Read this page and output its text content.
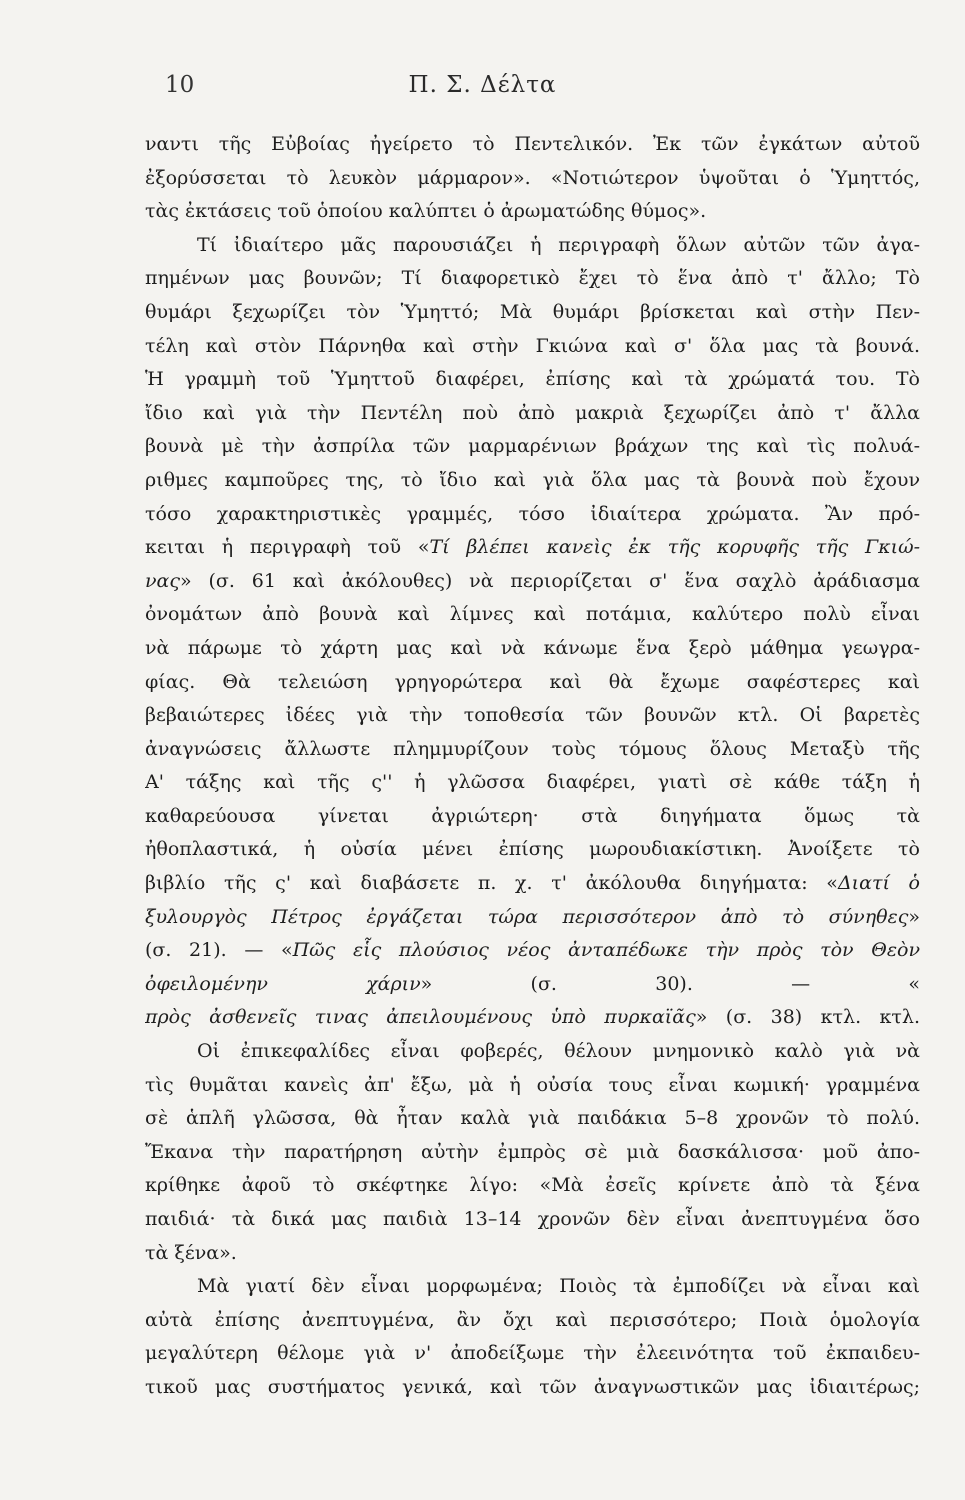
10	Π. Σ. Δέλτα
ναντι τῆς Εὐβοίας ἠγείρετο τὸ Πεντελικόν. Ἐκ τῶν ἐγκάτων αὐτοῦ
ἐξορύσσεται τὸ λευκὸν μάρμαρον». «Νοτιώτερον ὑψοῦται ὁ Ὑμηττός,
τὰς ἐκτάσεις τοῦ ὁποίου καλύπτει ὁ ἀρωματώδης θύμος».
Τί ἰδιαίτερο μᾶς παρουσιάζει ἡ περιγραφὴ ὅλων αὐτῶν τῶν ἀγα-
πημένων μας βουνῶν; Τί διαφορετικὸ ἔχει τὸ ἕνα ἀπὸ τ' ἄλλο; Τὸ
θυμάρι ξεχωρίζει τὸν Ὑμηττό; Μὰ θυμάρι βρίσκεται καὶ στὴν Πεν-
τέλη καὶ στὸν Πάρνηθα καὶ στὴν Γκιώνα καὶ σ' ὅλα μας τὰ βουνά.
Ἡ γραμμὴ τοῦ Ὑμηττοῦ διαφέρει, ἐπίσης καὶ τὰ χρώματά του. Τὸ
ἴδιο καὶ γιὰ τὴν Πεντέλη ποὺ ἀπὸ μακριὰ ξεχωρίζει ἀπὸ τ' ἄλλα
βουνὰ μὲ τὴν ἀσπρίλα τῶν μαρμαρένιων βράχων της καὶ τὶς πολυά-
ριθμες καμποῦρες της, τὸ ἴδιο καὶ γιὰ ὅλα μας τὰ βουνὰ ποὺ ἔχουν
τόσο χαρακτηριστικὲς γραμμές, τόσο ἰδιαίτερα χρώματα. Ἂν πρό-
κειται ἡ περιγραφὴ τοῦ «Τί βλέπει κανεὶς ἐκ τῆς κορυφῆς τῆς Γκιώ-
νας» (σ. 61 καὶ ἀκόλουθες) νὰ περιορίζεται σ' ἕνα σαχλὸ ἀράδιασμα
ὀνομάτων ἀπὸ βουνὰ καὶ λίμνες καὶ ποτάμια, καλύτερο πολὺ εἶναι
νὰ πάρωμε τὸ χάρτη μας καὶ νὰ κάνωμε ἕνα ξερὸ μάθημα γεωγρα-
φίας. Θὰ τελειώση γρηγορώτερα καὶ θὰ ἔχωμε σαφέστερες καὶ
βεβαιώτερες ἰδέες γιὰ τὴν τοποθεσία τῶν βουνῶν κτλ. Οἱ βαρετὲς
ἀναγνώσεις ἄλλωστε πλημμυρίζουν τοὺς τόμους ὅλους Μεταξὺ τῆς
Α' τάξης καὶ τῆς ς'' ἡ γλῶσσα διαφέρει, γιατὶ σὲ κάθε τάξη ἡ
καθαρεύουσα γίνεται ἀγριώτερη· στὰ διηγήματα ὅμως τὰ
ἠθοπλαστικά, ἡ οὐσία μένει ἐπίσης μωρουδιακίστικη. Ἀνοίξετε τὸ
βιβλίο τῆς ς' καὶ διαβάσετε π. χ. τ' ἀκόλουθα διηγήματα: «Διατί ὁ
ξυλουργὸς Πέτρος ἐργάζεται τώρα περισσότερον ἀπὸ τὸ σύνηθες»
(σ. 21). — «Πῶς εἷς πλούσιος νέος ἀνταπέδωκε τὴν πρὸς τὸν Θεὸν
ὀφειλομένην χάριν» (σ. 30). — «
πρὸς ἀσθενεῖς τινας ἀπειλουμένους ὑπὸ πυρκαϊᾶς» (σ. 38) κτλ. κτλ.
Οἱ ἐπικεφαλίδες εἶναι φοβερές, θέλουν μνημονικὸ καλὸ γιὰ νὰ
τὶς θυμᾶται κανεὶς ἀπ' ἔξω, μὰ ἡ οὐσία τους εἶναι κωμική· γραμμένα
σὲ ἁπλῆ γλῶσσα, θὰ ἦταν καλὰ γιὰ παιδάκια 5–8 χρονῶν τὸ πολύ.
Ἔκανα τὴν παρατήρηση αὐτὴν ἐμπρὸς σὲ μιὰ δασκάλισσα· μοῦ ἀπο-
κρίθηκε ἀφοῦ τὸ σκέφτηκε λίγο: «Μὰ ἐσεῖς κρίνετε ἀπὸ τὰ ξένα
παιδιά· τὰ δικά μας παιδιὰ 13–14 χρονῶν δὲν εἶναι ἀνεπτυγμένα ὅσο
τὰ ξένα».
Μὰ γιατί δὲν εἶναι μορφωμένα; Ποιὸς τὰ ἐμποδίζει νὰ εἶναι καὶ
αὐτὰ ἐπίσης ἀνεπτυγμένα, ἂν ὄχι καὶ περισσότερο; Ποιὰ ὁμολογία
μεγαλύτερη θέλομε γιὰ ν' ἀποδείξωμε τὴν ἐλεεινότητα τοῦ ἐκπαιδευ-
τικοῦ μας συστήματος γενικά, καὶ τῶν ἀναγνωστικῶν μας ἰδιαιτέρως;
